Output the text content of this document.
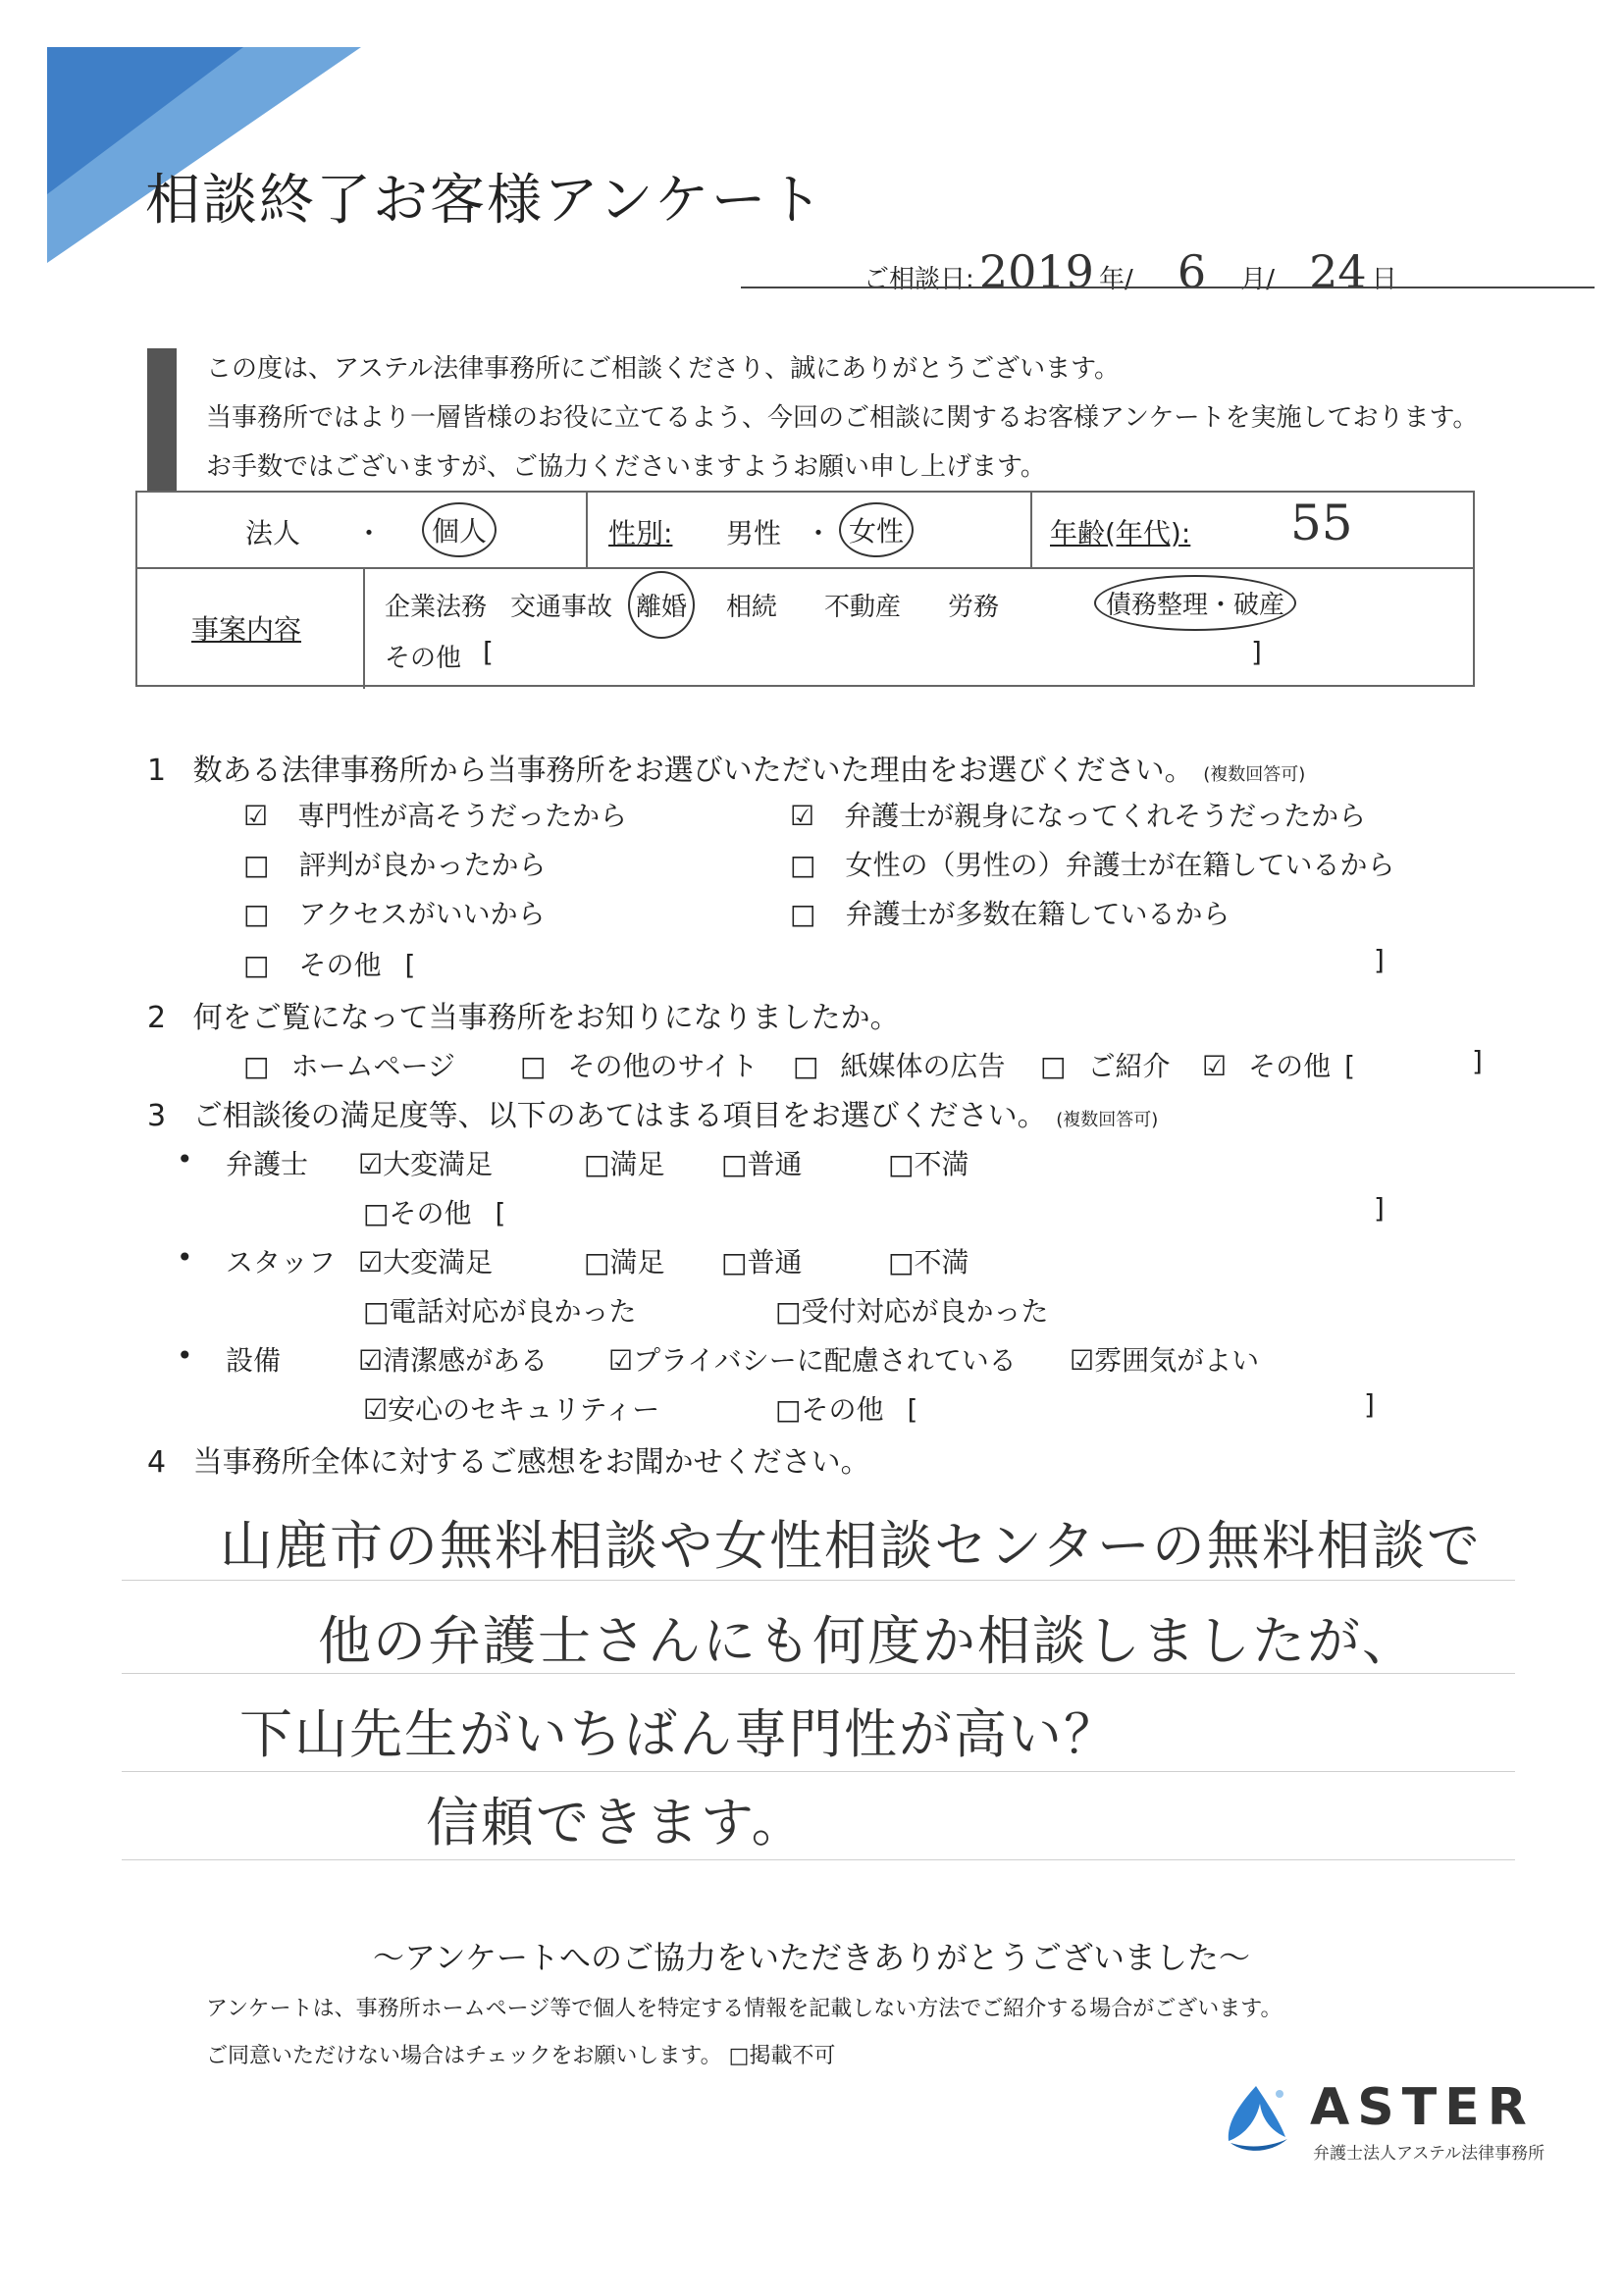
相談終了お客様アンケート
ご相談日: 2019 年/ 6 月/ 24 日
この度は、アステル法律事務所にご相談くださり、誠にありがとうございます。
当事務所ではより一層皆様のお役に立てるよう、今回のご相談に関するお客様アンケートを実施しております。
お手数ではございますが、ご協力くださいますようお願い申し上げます。
法人 ・	個人	性別: 男性 ・ 女性	年齢(年代): 55
事案内容
企業法務 交通事故 離婚	相続 不動産 労務	債務整理・破産
その他 [	]
1 数ある法律事務所から当事務所をお選びいただいた理由をお選びください。 (複数回答可)
☑ 専門性が高そうだったから	☑ 弁護士が親身になってくれそうだったから
□ 評判が良かったから	□ 女性の（男性の）弁護士が在籍しているから
□ アクセスがいいから	□ 弁護士が多数在籍しているから
□ その他 [	]
2 何をご覧になって当事務所をお知りになりましたか。
□ ホームページ □ その他のサイト □ 紙媒体の広告 □ ご紹介 ☑ その他 [	]
3 ご相談後の満足度等、以下のあてはまる項目をお選びください。 (複数回答可)
• 弁護士 ☑大変満足	□満足 □普通	□不満
□その他 [	]
• スタッフ ☑大変満足	□満足 □普通	□不満
□電話対応が良かった	□受付対応が良かった
• 設備	☑清潔感がある ☑プライバシーに配慮されている ☑雰囲気がよい
☑安心のセキュリティー	□その他 [	]
4 当事務所全体に対するご感想をお聞かせください。
山鹿市の無料相談や女性相談センターの無料相談で
他の弁護士さんにも何度か相談しましたが、
下山先生がいちばん専門性が高い？
信頼できます。
～アンケートへのご協力をいただきありがとうございました～
アンケートは、事務所ホームページ等で個人を特定する情報を記載しない方法でご紹介する場合がございます。
ご同意いただけない場合はチェックをお願いします。 □掲載不可
ASTER
弁護士法人アステル法律事務所
